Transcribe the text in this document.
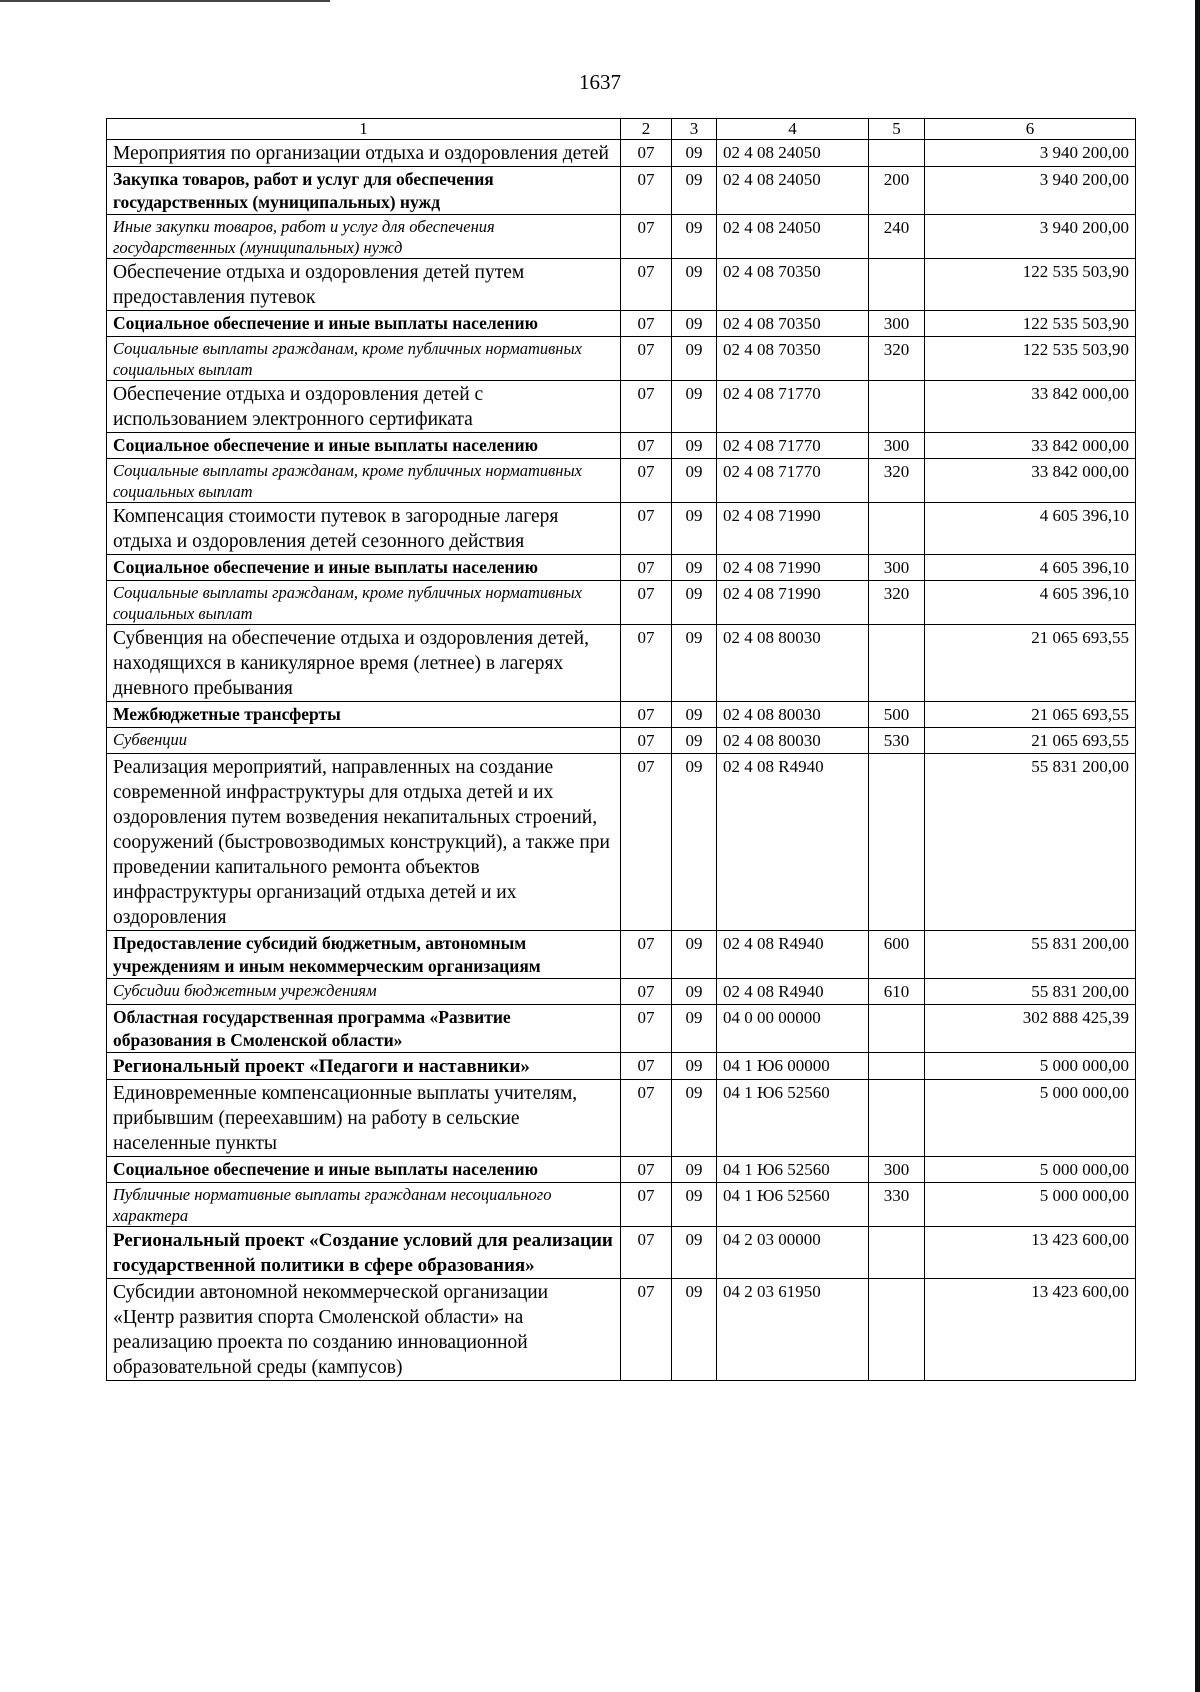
1637
1	2	3	4	5	6
Мероприятия по организации отдыха и оздоровления детей	07	09	02 4 08 24050		3 940 200,00
Закупка товаров, работ и услуг для обеспечения государственных (муниципальных) нужд	07	09	02 4 08 24050	200	3 940 200,00
Иные закупки товаров, работ и услуг для обеспечения государственных (муниципальных) нужд	07	09	02 4 08 24050	240	3 940 200,00
Обеспечение отдыха и оздоровления детей путем предоставления путевок	07	09	02 4 08 70350		122 535 503,90
Социальное обеспечение и иные выплаты населению	07	09	02 4 08 70350	300	122 535 503,90
Социальные выплаты гражданам, кроме публичных нормативных социальных выплат	07	09	02 4 08 70350	320	122 535 503,90
Обеспечение отдыха и оздоровления детей с использованием электронного сертификата	07	09	02 4 08 71770		33 842 000,00
Социальное обеспечение и иные выплаты населению	07	09	02 4 08 71770	300	33 842 000,00
Социальные выплаты гражданам, кроме публичных нормативных социальных выплат	07	09	02 4 08 71770	320	33 842 000,00
Компенсация стоимости путевок в загородные лагеря отдыха и оздоровления детей сезонного действия	07	09	02 4 08 71990		4 605 396,10
Социальное обеспечение и иные выплаты населению	07	09	02 4 08 71990	300	4 605 396,10
Социальные выплаты гражданам, кроме публичных нормативных социальных выплат	07	09	02 4 08 71990	320	4 605 396,10
Субвенция на обеспечение отдыха и оздоровления детей, находящихся в каникулярное время (летнее) в лагерях дневного пребывания	07	09	02 4 08 80030		21 065 693,55
Межбюджетные трансферты	07	09	02 4 08 80030	500	21 065 693,55
Субвенции	07	09	02 4 08 80030	530	21 065 693,55
Реализация мероприятий, направленных на создание современной инфраструктуры для отдыха детей и их оздоровления путем возведения некапитальных строений, сооружений (быстровозводимых конструкций), а также при проведении капитального ремонта объектов инфраструктуры организаций отдыха детей и их оздоровления	07	09	02 4 08 R4940		55 831 200,00
Предоставление субсидий бюджетным, автономным учреждениям и иным некоммерческим организациям	07	09	02 4 08 R4940	600	55 831 200,00
Субсидии бюджетным учреждениям	07	09	02 4 08 R4940	610	55 831 200,00
Областная государственная программа «Развитие образования в Смоленской области»	07	09	04 0 00 00000		302 888 425,39
Региональный проект «Педагоги и наставники»	07	09	04 1 Ю6 00000		5 000 000,00
Единовременные компенсационные выплаты учителям, прибывшим (переехавшим) на работу в сельские населенные пункты	07	09	04 1 Ю6 52560		5 000 000,00
Социальное обеспечение и иные выплаты населению	07	09	04 1 Ю6 52560	300	5 000 000,00
Публичные нормативные выплаты гражданам несоциального характера	07	09	04 1 Ю6 52560	330	5 000 000,00
Региональный проект «Создание условий для реализации государственной политики в сфере образования»	07	09	04 2 03 00000		13 423 600,00
Субсидии автономной некоммерческой организации «Центр развития спорта Смоленской области» на реализацию проекта по созданию инновационной образовательной среды (кампусов)	07	09	04 2 03 61950		13 423 600,00
